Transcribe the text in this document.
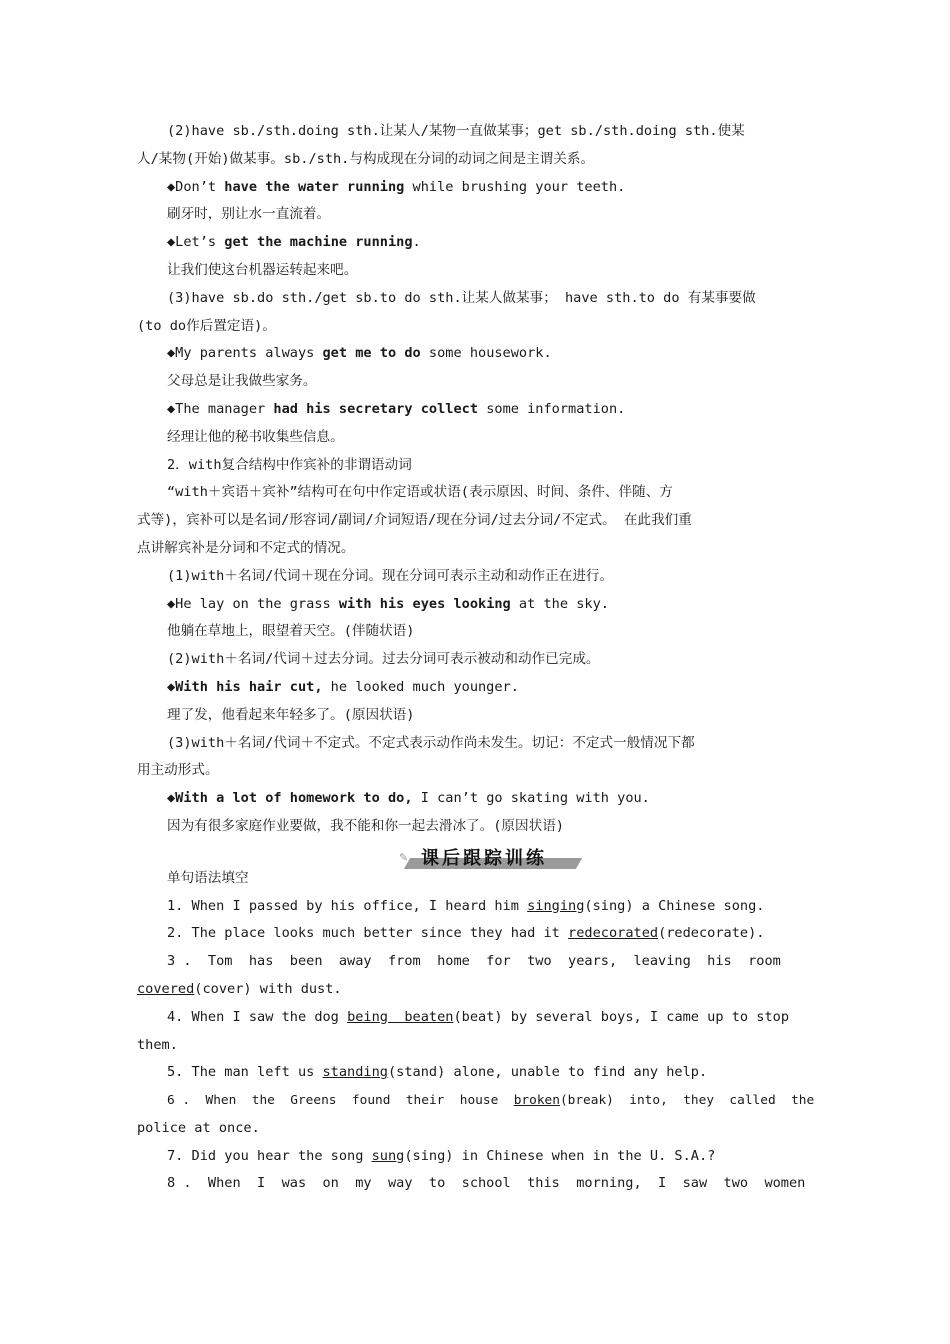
(2)have sb./sth.doing sth.让某人/某物一直做某事；get sb./sth.doing sth.使某
人/某物(开始)做某事。sb./sth.与构成现在分词的动词之间是主谓关系。
◆Don’t have the water running while brushing your teeth.
刷牙时，别让水一直流着。
◆Let’s get the machine running.
让我们使这台机器运转起来吧。
(3)have sb.do sth./get sb.to do sth.让某人做某事； have sth.to do 有某事要做
(to do作后置定语)。
◆My parents always get me to do some housework.
父母总是让我做些家务。
◆The manager had his secretary collect some information.
经理让他的秘书收集些信息。
2．with复合结构中作宾补的非谓语动词
“with＋宾语＋宾补”结构可在句中作定语或状语(表示原因、时间、条件、伴随、方
式等)，宾补可以是名词/形容词/副词/介词短语/现在分词/过去分词/不定式。 在此我们重
点讲解宾补是分词和不定式的情况。
(1)with＋名词/代词＋现在分词。现在分词可表示主动和动作正在进行。
◆He lay on the grass with his eyes looking at the sky.
他躺在草地上，眼望着天空。(伴随状语)
(2)with＋名词/代词＋过去分词。过去分词可表示被动和动作已完成。
◆With his hair cut, he looked much younger.
理了发，他看起来年轻多了。(原因状语)
(3)with＋名词/代词＋不定式。不定式表示动作尚未发生。切记：不定式一般情况下都
用主动形式。
◆With a lot of homework to do, I can’t go skating with you.
因为有很多家庭作业要做，我不能和你一起去滑冰了。(原因状语)
✎ 课后跟踪训练
单句语法填空
1. When I passed by his office, I heard him singing(sing) a Chinese song.
2. The place looks much better since they had it redecorated(redecorate).
3 .  Tom  has  been  away  from  home  for  two  years,  leaving  his  room
covered(cover) with dust.
4. When I saw the dog being  beaten(beat) by several boys, I came up to stop
them.
5. The man left us standing(stand) alone, unable to find any help.
6 .  When  the  Greens  found  their  house  broken(break)  into,  they  called  the
police at once.
7. Did you hear the song sung(sing) in Chinese when in the U. S.A.?
8 .  When  I  was  on  my  way  to  school  this  morning,  I  saw  two  women
